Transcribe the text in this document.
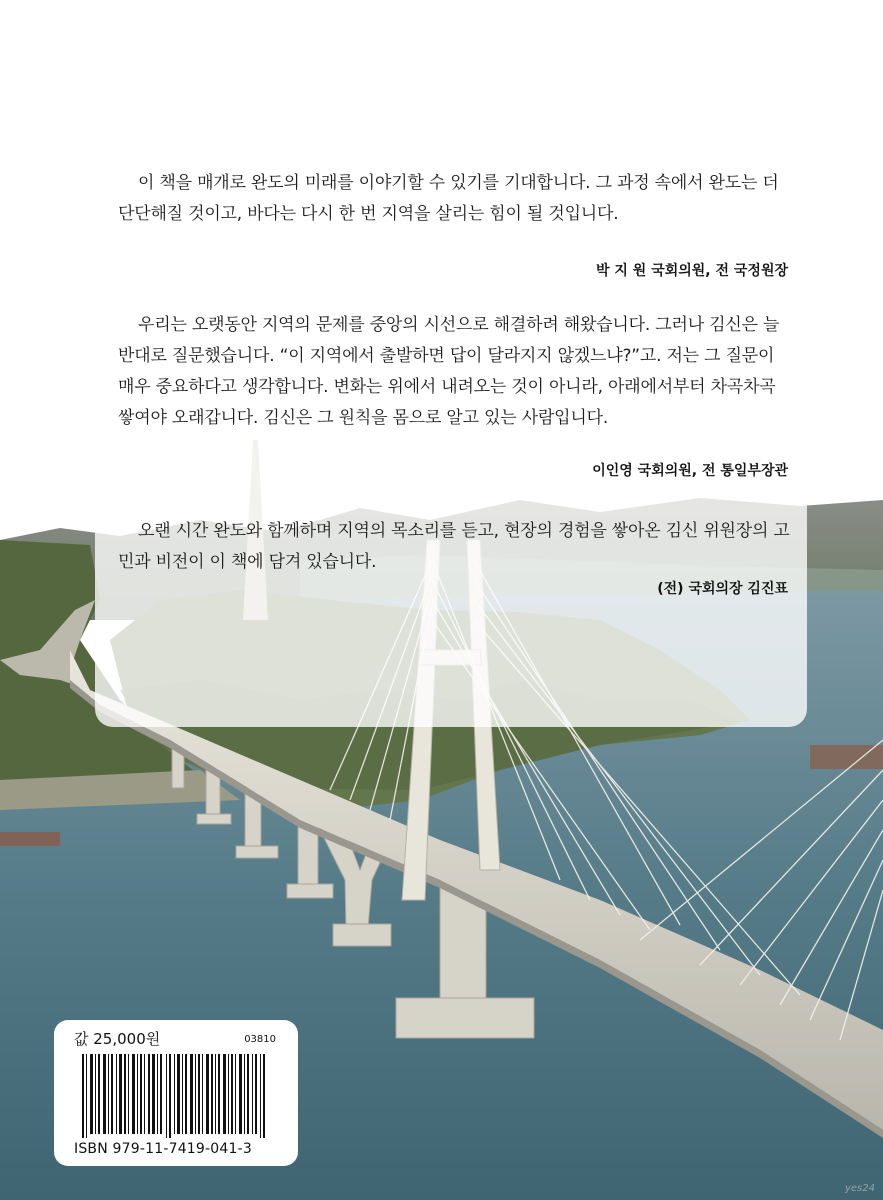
이 책을 매개로 완도의 미래를 이야기할 수 있기를 기대합니다. 그 과정 속에서 완도는 더 단단해질 것이고, 바다는 다시 한 번 지역을 살리는 힘이 될 것입니다.

박 지 원 국회의원, 전 국정원장

우리는 오랫동안 지역의 문제를 중앙의 시선으로 해결하려 해왔습니다. 그러나 김신은 늘 반대로 질문했습니다. “이 지역에서 출발하면 답이 달라지지 않겠느냐?”고. 저는 그 질문이 매우 중요하다고 생각합니다. 변화는 위에서 내려오는 것이 아니라, 아래에서부터 차곡차곡 쌓여야 오래갑니다. 김신은 그 원칙을 몸으로 알고 있는 사람입니다.

이인영 국회의원, 전 통일부장관

오랜 시간 완도와 함께하며 지역의 목소리를 듣고, 현장의 경험을 쌓아온 김신 위원장의 고민과 비전이 이 책에 담겨 있습니다.

(전) 국회의장 김진표
값 25,000원	03810
ISBN 979-11-7419-041-3
yes24
